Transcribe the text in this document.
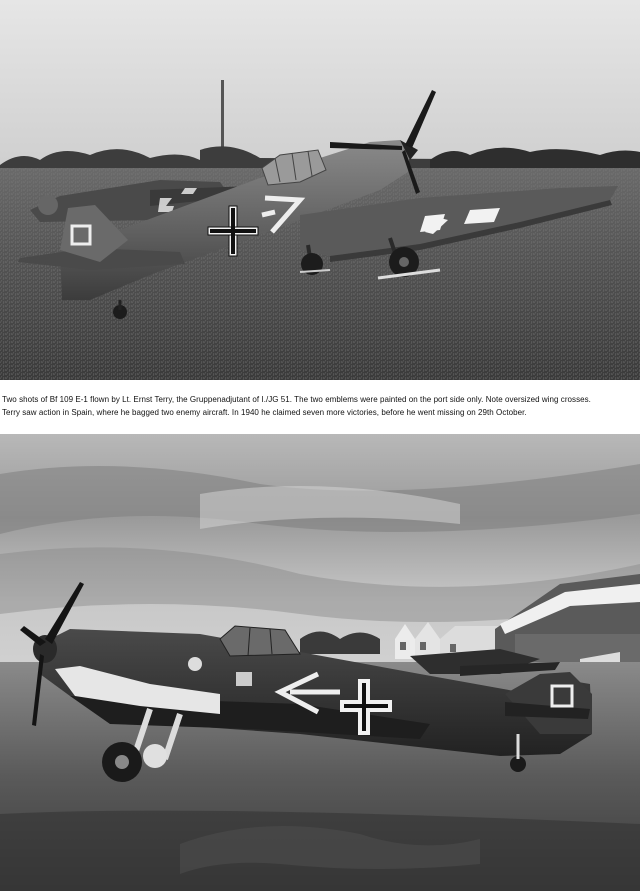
Two shots of Bf 109 E-1 flown by Lt. Ernst Terry, the Gruppenadjutant of I./JG 51. The two emblems were painted on the port side only. Note oversized wing crosses. Terry saw action in Spain, where he bagged two enemy aircraft. In 1940 he claimed seven more victories, before he went missing on 29th October.
